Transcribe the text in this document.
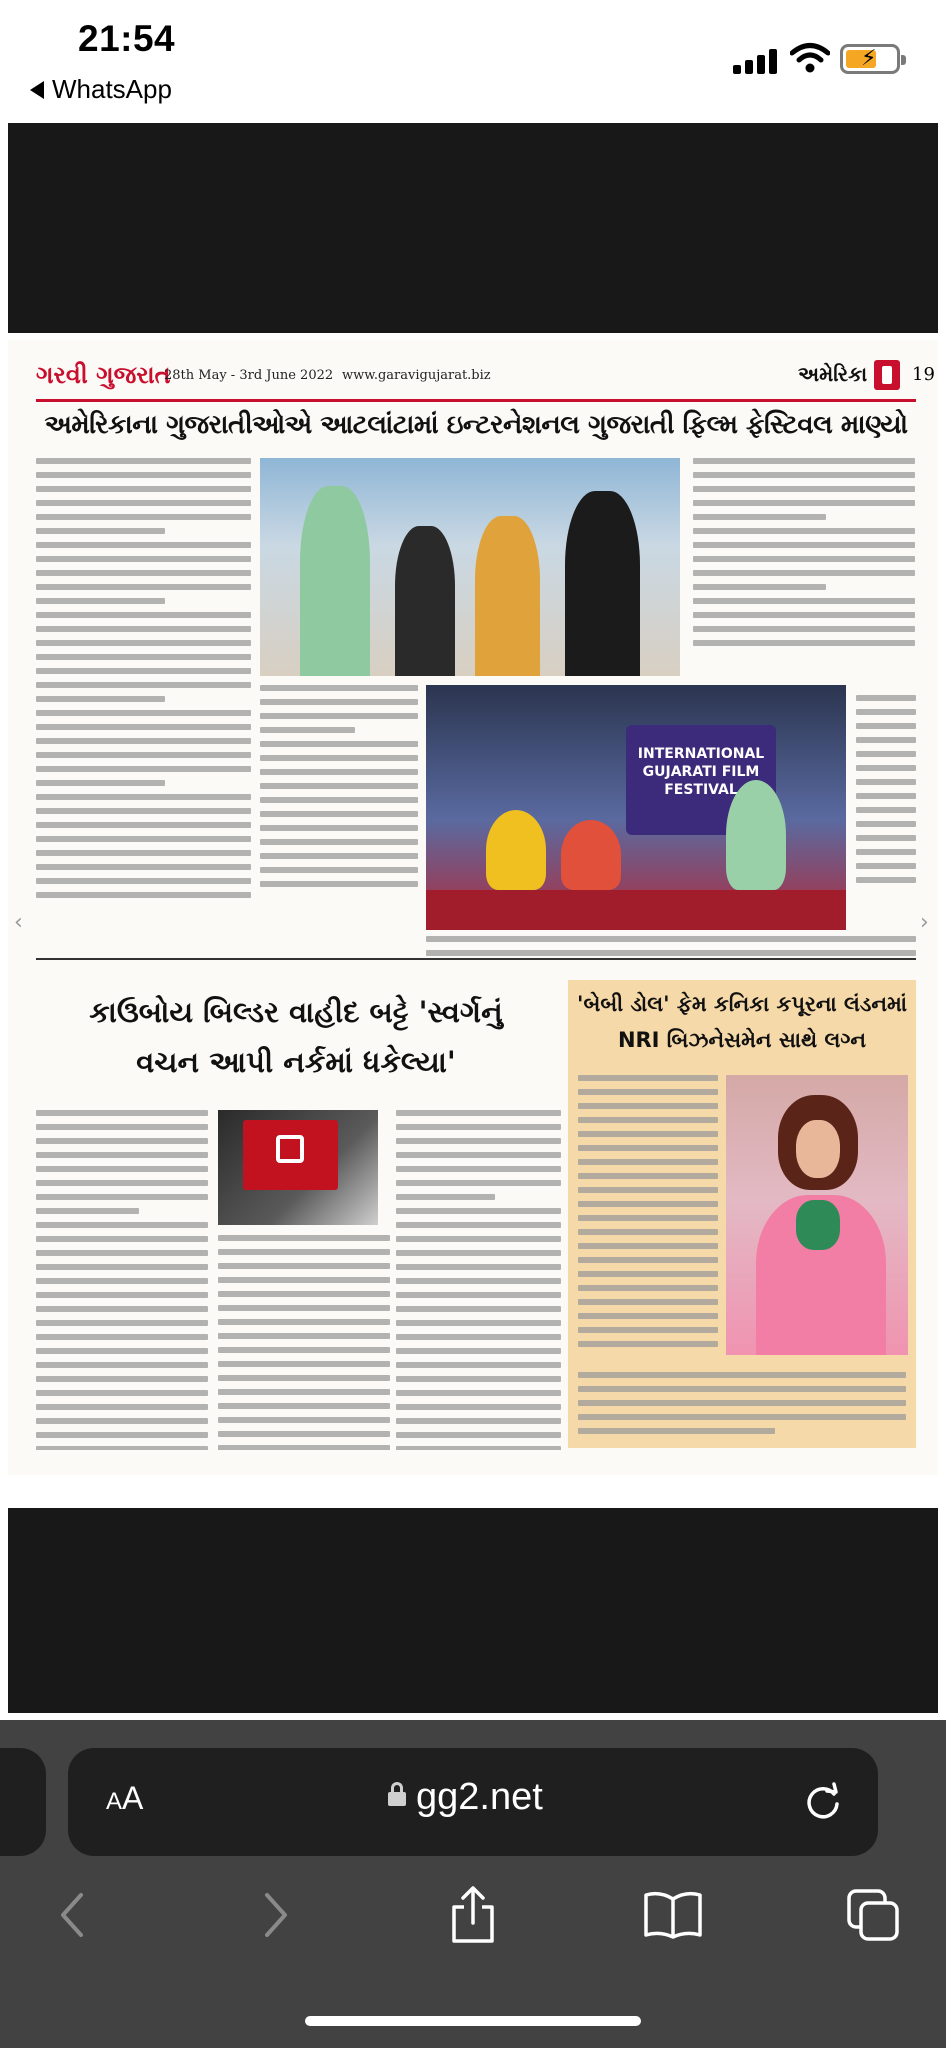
21:54
WhatsApp
⚡
ગરવી ગુજરાત
28th May - 3rd June 2022 www.garavigujarat.biz	અમેરિકા 19
અમેરિકાના ગુજરાતીઓએ આટલાંટામાં ઇન્ટરનેશનલ ગુજરાતી ફિલ્મ ફેસ્ટિવલ માણ્યો
INTERNATIONAL GUJARATI FILM FESTIVAL
કાઉબોય બિલ્ડર વાહીદ બટ્ટે 'સ્વર્ગનું
વચન આપી નર્કમાં ધકેલ્યા'
'બેબી ડોલ' ફેમ કનિકા કપૂરના લંડનમાં
NRI બિઝનેસમેન સાથે લગ્ન
‹	›
AA	gg2.net
